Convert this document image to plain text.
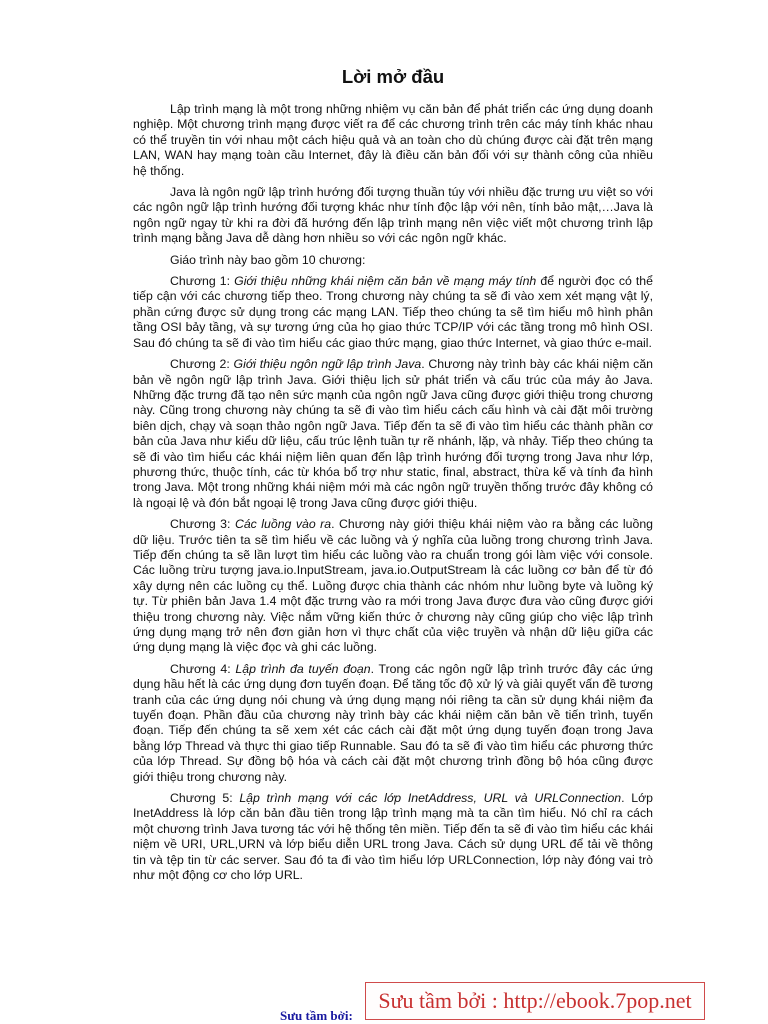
Lời mở đầu

Lập trình mạng là một trong những nhiệm vụ căn bản để phát triển các ứng dụng doanh nghiệp. Một chương trình mạng được viết ra để các chương trình trên các máy tính khác nhau có thể truyền tin với nhau một cách hiệu quả và an toàn cho dù chúng được cài đặt trên mạng LAN, WAN hay mạng toàn cầu Internet, đây là điều căn bản đối với sự thành công của nhiều hệ thống.

Java là ngôn ngữ lập trình hướng đối tượng thuần túy với nhiều đặc trưng ưu việt so với các ngôn ngữ lập trình hướng đối tượng khác như tính độc lập với nên, tính bảo mật,…Java là ngôn ngữ ngay từ khi ra đời đã hướng đến lập trình mạng nên việc viết một chương trình lập trình mạng bằng Java dễ dàng hơn nhiều so với các ngôn ngữ khác.

Giáo trình này bao gồm 10 chương:

Chương 1: Giới thiệu những khái niệm căn bản về mạng máy tính để người đọc có thể tiếp cận với các chương tiếp theo. Trong chương này chúng ta sẽ đi vào xem xét mạng vật lý, phần cứng được sử dụng trong các mạng LAN. Tiếp theo chúng ta sẽ tìm hiểu mô hình phân tầng OSI bảy tầng, và sự tương ứng của họ giao thức TCP/IP với các tầng trong mô hình OSI. Sau đó chúng ta sẽ đi vào tìm hiểu các giao thức mạng, giao thức Internet, và giao thức e-mail.

Chương 2: Giới thiệu ngôn ngữ lập trình Java. Chương này trình bày các khái niệm căn bản về ngôn ngữ lập trình Java. Giới thiệu lịch sử phát triển và cấu trúc của máy ảo Java. Những đặc trưng đã tạo nên sức mạnh của ngôn ngữ Java cũng được giới thiệu trong chương này. Cũng trong chương này chúng ta sẽ đi vào tìm hiểu cách cấu hình và cài đặt môi trường biên dịch, chạy và soạn thảo ngôn ngữ Java. Tiếp đến ta sẽ đi vào tìm hiểu các thành phần cơ bản của Java như kiểu dữ liệu, cấu trúc lệnh tuần tự rẽ nhánh, lặp, và nhảy. Tiếp theo chúng ta sẽ đi vào tìm hiểu các khái niệm liên quan đến lập trình hướng đối tượng trong Java như lớp, phương thức, thuộc tính, các từ khóa bổ trợ như static, final, abstract, thừa kế và tính đa hình trong Java. Một trong những khái niệm mới mà các ngôn ngữ truyền thống trước đây không có là ngoại lệ và đón bắt ngoại lệ trong Java cũng được giới thiệu.

Chương 3: Các luồng vào ra. Chương này giới thiệu khái niệm vào ra bằng các luồng dữ liệu. Trước tiên ta sẽ tìm hiểu về các luồng và ý nghĩa của luồng trong chương trình Java. Tiếp đến chúng ta sẽ lần lượt tìm hiểu các luồng vào ra chuẩn trong gói làm việc với console. Các luồng trừu tượng java.io.InputStream, java.io.OutputStream là các luồng cơ bản để từ đó xây dựng nên các luồng cụ thể. Luồng được chia thành các nhóm như luồng byte và luồng ký tự. Từ phiên bản Java 1.4 một đặc trưng vào ra mới trong Java được đưa vào cũng được giới thiệu trong chương này. Việc nắm vững kiến thức ở chương này cũng giúp cho việc lập trình ứng dụng mạng trở nên đơn giản hơn vì thực chất của việc truyền và nhận dữ liệu giữa các ứng dụng mạng là việc đọc và ghi các luồng.

Chương 4: Lập trình đa tuyến đoạn. Trong các ngôn ngữ lập trình trước đây các ứng dụng hầu hết là các ứng dụng đơn tuyến đoạn. Để tăng tốc độ xử lý và giải quyết vấn đề tương tranh của các ứng dụng nói chung và ứng dụng mạng nói riêng ta cần sử dụng khái niệm đa tuyến đoạn. Phần đầu của chương này trình bày các khái niệm căn bản về tiến trình, tuyến đoạn. Tiếp đến chúng ta sẽ xem xét các cách cài đặt một ứng dụng tuyến đoạn trong Java bằng lớp Thread và thực thi giao tiếp Runnable. Sau đó ta sẽ đi vào tìm hiểu các phương thức của lớp Thread. Sự đồng bộ hóa và cách cài đặt một chương trình đồng bộ hóa cũng được giới thiệu trong chương này.

Chương 5: Lập trình mạng với các lớp InetAddress, URL và URLConnection. Lớp InetAddress là lớp căn bản đầu tiên trong lập trình mạng mà ta cần tìm hiểu. Nó chỉ ra cách một chương trình Java tương tác với hệ thống tên miền. Tiếp đến ta sẽ đi vào tìm hiểu các khái niệm về URI, URL,URN và lớp biểu diễn URL trong Java. Cách sử dụng URL để tải về thông tin và tệp tin từ các server. Sau đó ta đi vào tìm hiểu lớp URLConnection, lớp này đóng vai trò như một động cơ cho lớp URL.

Sưu tầm bởi:
Sưu tầm bởi : http://ebook.7pop.net
